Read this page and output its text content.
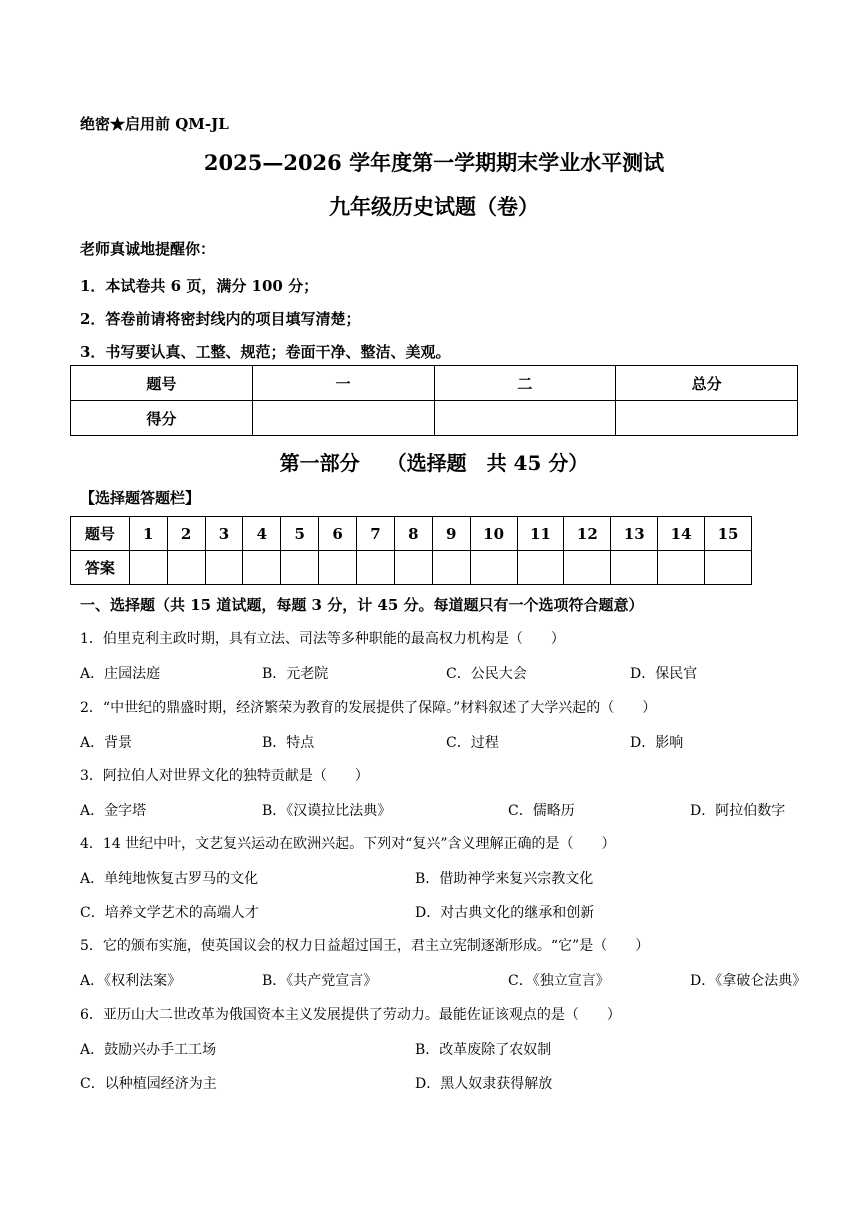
绝密★启用前 QM-JL
2025—2026 学年度第一学期期末学业水平测试
九年级历史试题（卷）
老师真诚地提醒你：
1．本试卷共 6 页，满分 100 分；
2．答卷前请将密封线内的项目填写清楚；
3．书写要认真、工整、规范；卷面干净、整洁、美观。
题号	一	二	总分
得分			
第一部分　 （选择题　共 45 分）
【选择题答题栏】
题号	1	2	3	4	5	6	7	8	9	10	11	12	13	14	15
答案															
一、选择题（共 15 道试题，每题 3 分，计 45 分。每道题只有一个选项符合题意）
1．伯里克利主政时期，具有立法、司法等多种职能的最高权力机构是（　　）
A．庄园法庭	B．元老院	C．公民大会	D．保民官
2．“中世纪的鼎盛时期，经济繁荣为教育的发展提供了保障。”材料叙述了大学兴起的（　　）
A．背景	B．特点	C．过程	D．影响
3．阿拉伯人对世界文化的独特贡献是（　　）
A．金字塔	B．《汉谟拉比法典》	C．儒略历	D．阿拉伯数字
4．14 世纪中叶，文艺复兴运动在欧洲兴起。下列对“复兴”含义理解正确的是（　　）
A．单纯地恢复古罗马的文化	B．借助神学来复兴宗教文化
C．培养文学艺术的高端人才	D．对古典文化的继承和创新
5．它的颁布实施，使英国议会的权力日益超过国王，君主立宪制逐渐形成。“它”是（　　）
A．《权利法案》	B．《共产党宣言》	C．《独立宣言》	D．《拿破仑法典》
6．亚历山大二世改革为俄国资本主义发展提供了劳动力。最能佐证该观点的是（　　）
A．鼓励兴办手工工场	B．改革废除了农奴制
C．以种植园经济为主	D．黑人奴隶获得解放
